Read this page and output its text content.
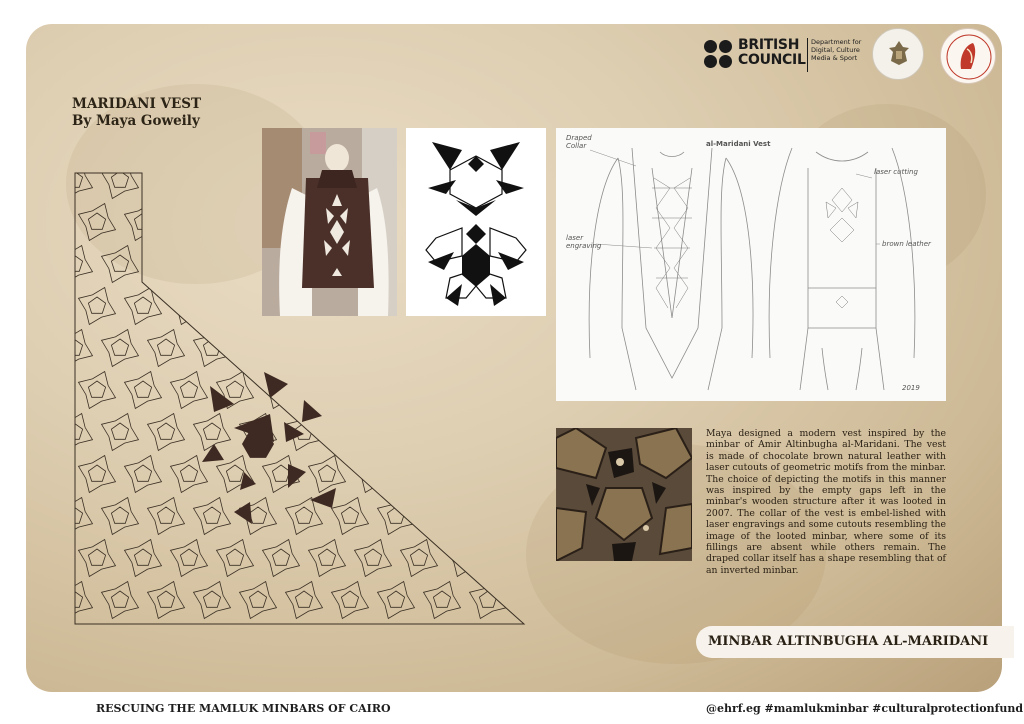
BRITISH
COUNCIL
Department for
Digital, Culture
Media & Sport
MARIDANI VEST
By Maya Goweily
al-Maridani Vest
Draped
Collar
laser
engraving
laser cutting
brown leather
2019
Maya designed a modern vest inspired by the minbar of Amir Altinbugha al-Maridani. The vest is made of chocolate brown natural leather with laser cutouts of geometric motifs from the minbar. The choice of depicting the motifs in this manner was inspired by the empty gaps left in the minbar's wooden structure after it was looted in 2007. The collar of the vest is embel-lished with laser engravings and some cutouts resembling the image of the looted minbar, where some of its fillings are absent while others remain. The draped collar itself has a shape resembling that of an inverted minbar.
MINBAR ALTINBUGHA AL-MARIDANI
RESCUING THE MAMLUK MINBARS OF CAIRO	@ehrf.eg #mamlukminbar #culturalprotectionfund
